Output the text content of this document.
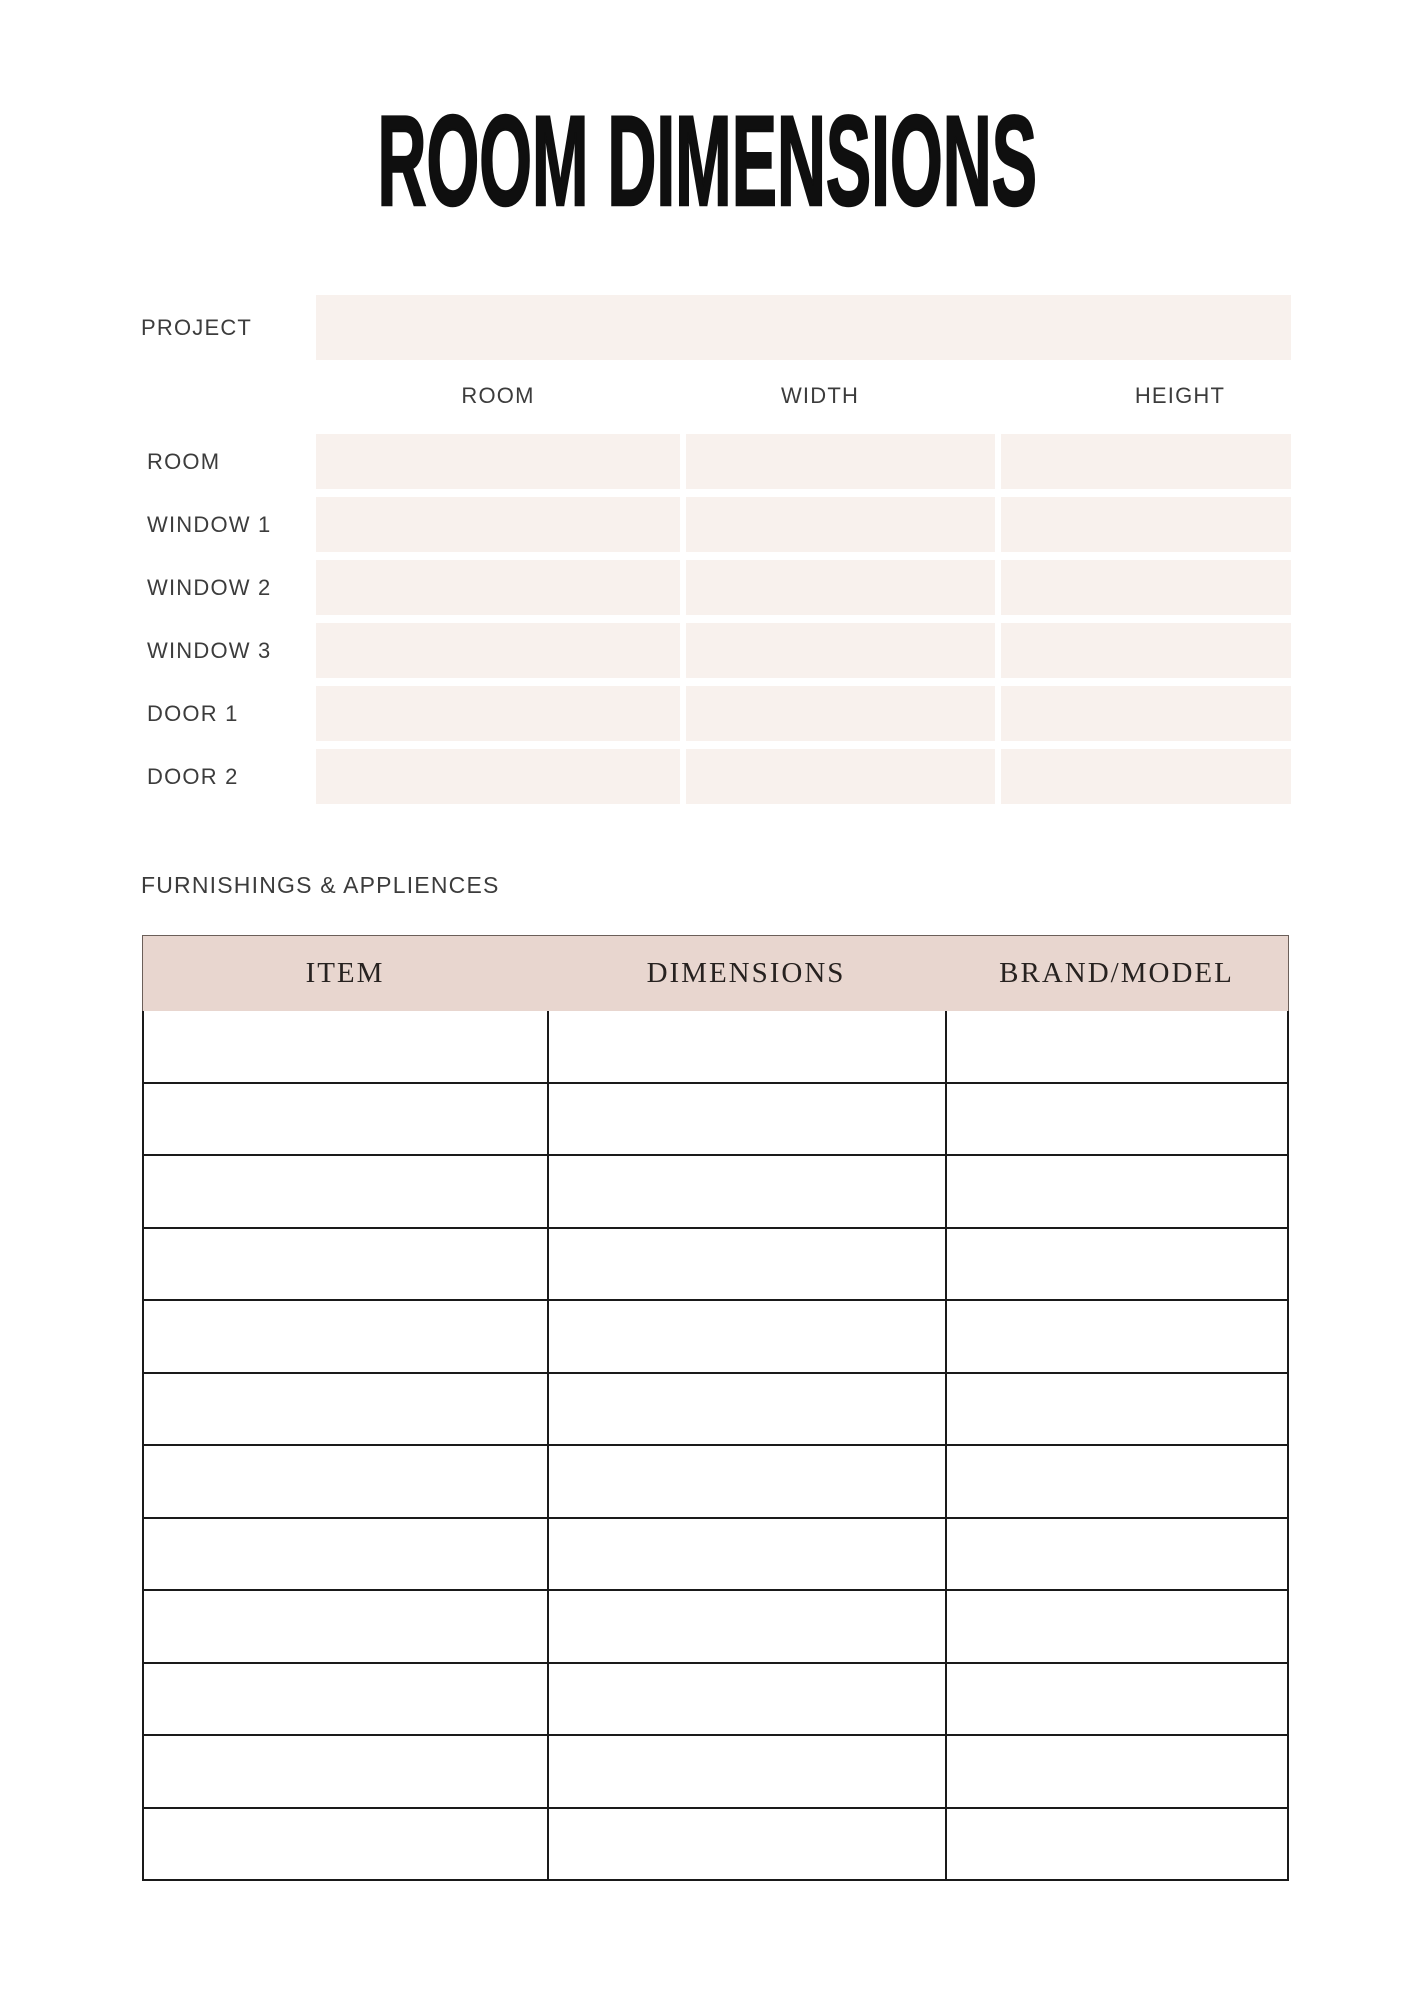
ROOM DIMENSIONS
PROJECT
ROOM	WIDTH	HEIGHT
ROOM
WINDOW 1
WINDOW 2
WINDOW 3
DOOR 1
DOOR 2
FURNISHINGS & APPLIENCES
ITEM	DIMENSIONS	BRAND/MODEL
